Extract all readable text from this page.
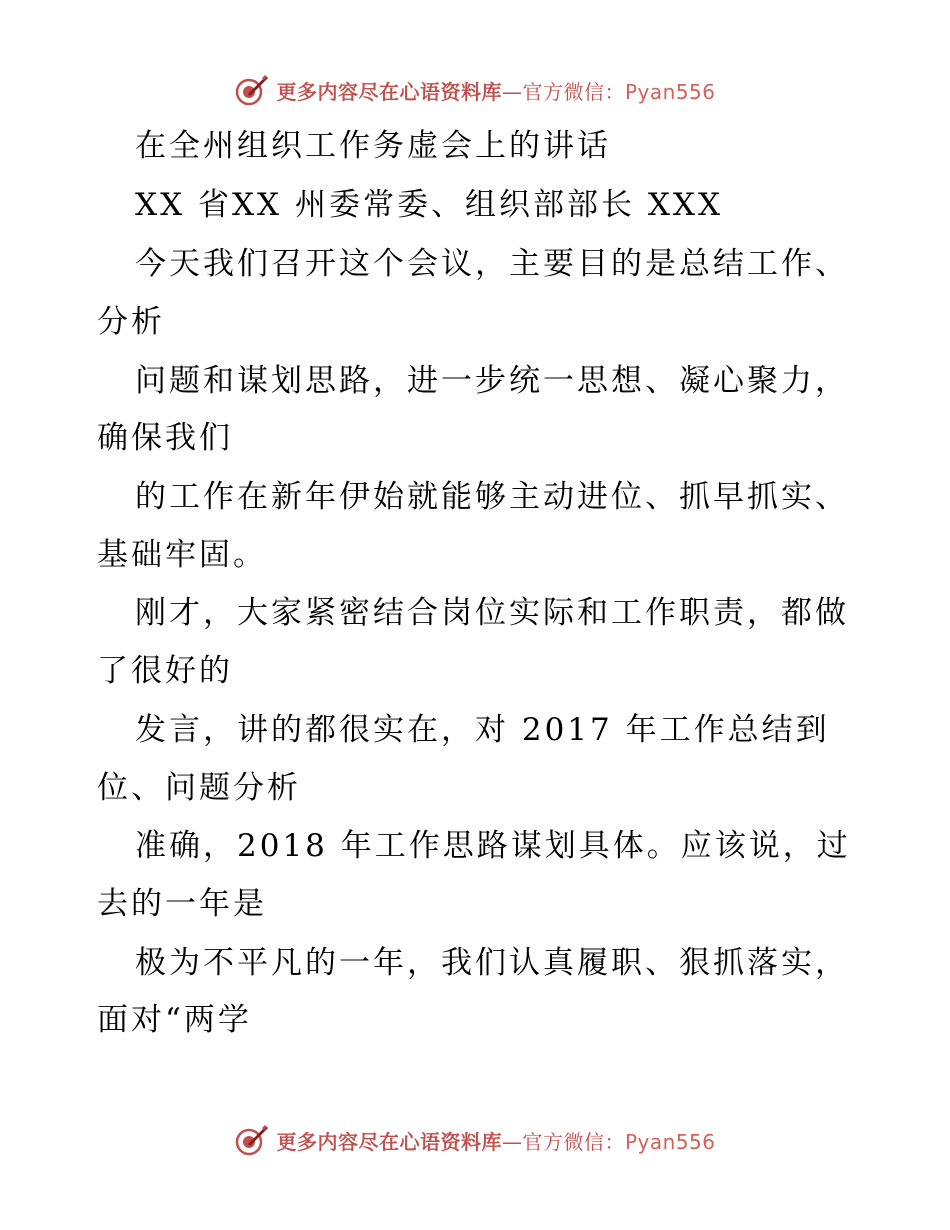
更多内容尽在心语资料库—官方微信：Pyan556
在全州组织工作务虚会上的讲话
XX 省XX 州委常委、组织部部长 XXX
今天我们召开这个会议，主要目的是总结工作、
分析
问题和谋划思路，进一步统一思想、凝心聚力，
确保我们
的工作在新年伊始就能够主动进位、抓早抓实、
基础牢固。
刚才，大家紧密结合岗位实际和工作职责，都做
了很好的
发言，讲的都很实在，对 2017 年工作总结到
位、问题分析
准确，2018 年工作思路谋划具体。应该说，过
去的一年是
极为不平凡的一年，我们认真履职、狠抓落实，
面对“两学
更多内容尽在心语资料库—官方微信：Pyan556
